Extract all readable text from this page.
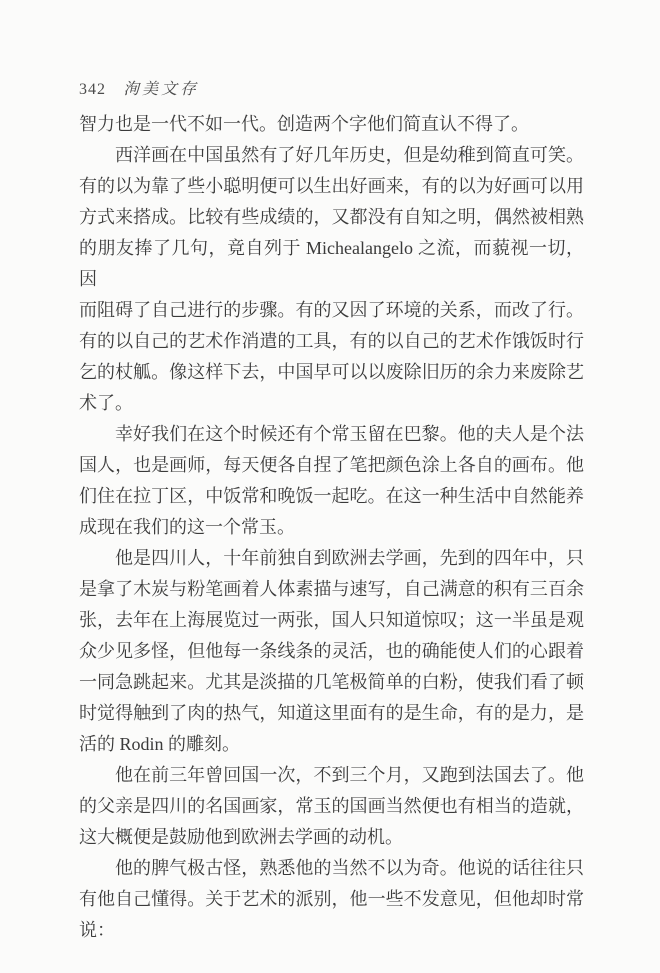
342 洵美文存
智力也是一代不如一代。创造两个字他们简直认不得了。
西洋画在中国虽然有了好几年历史，但是幼稚到简直可笑。
有的以为靠了些小聪明便可以生出好画来，有的以为好画可以用
方式来搭成。比较有些成绩的，又都没有自知之明，偶然被相熟
的朋友捧了几句，竟自列于 Michealangelo 之流，而藐视一切，因
而阻碍了自己进行的步骤。有的又因了环境的关系，而改了行。
有的以自己的艺术作消遣的工具，有的以自己的艺术作饿饭时行
乞的杖觚。像这样下去，中国早可以以废除旧历的余力来废除艺
术了。
幸好我们在这个时候还有个常玉留在巴黎。他的夫人是个法
国人，也是画师，每天便各自捏了笔把颜色涂上各自的画布。他
们住在拉丁区，中饭常和晚饭一起吃。在这一种生活中自然能养
成现在我们的这一个常玉。
他是四川人，十年前独自到欧洲去学画，先到的四年中，只
是拿了木炭与粉笔画着人体素描与速写，自己满意的积有三百余
张，去年在上海展览过一两张，国人只知道惊叹；这一半虽是观
众少见多怪，但他每一条线条的灵活，也的确能使人们的心跟着
一同急跳起来。尤其是淡描的几笔极简单的白粉，使我们看了顿
时觉得触到了肉的热气，知道这里面有的是生命，有的是力，是
活的 Rodin 的雕刻。
他在前三年曾回国一次，不到三个月，又跑到法国去了。他
的父亲是四川的名国画家，常玉的国画当然便也有相当的造就，
这大概便是鼓励他到欧洲去学画的动机。
他的脾气极古怪，熟悉他的当然不以为奇。他说的话往往只
有他自己懂得。关于艺术的派别，他一些不发意见，但他却时常
说：
